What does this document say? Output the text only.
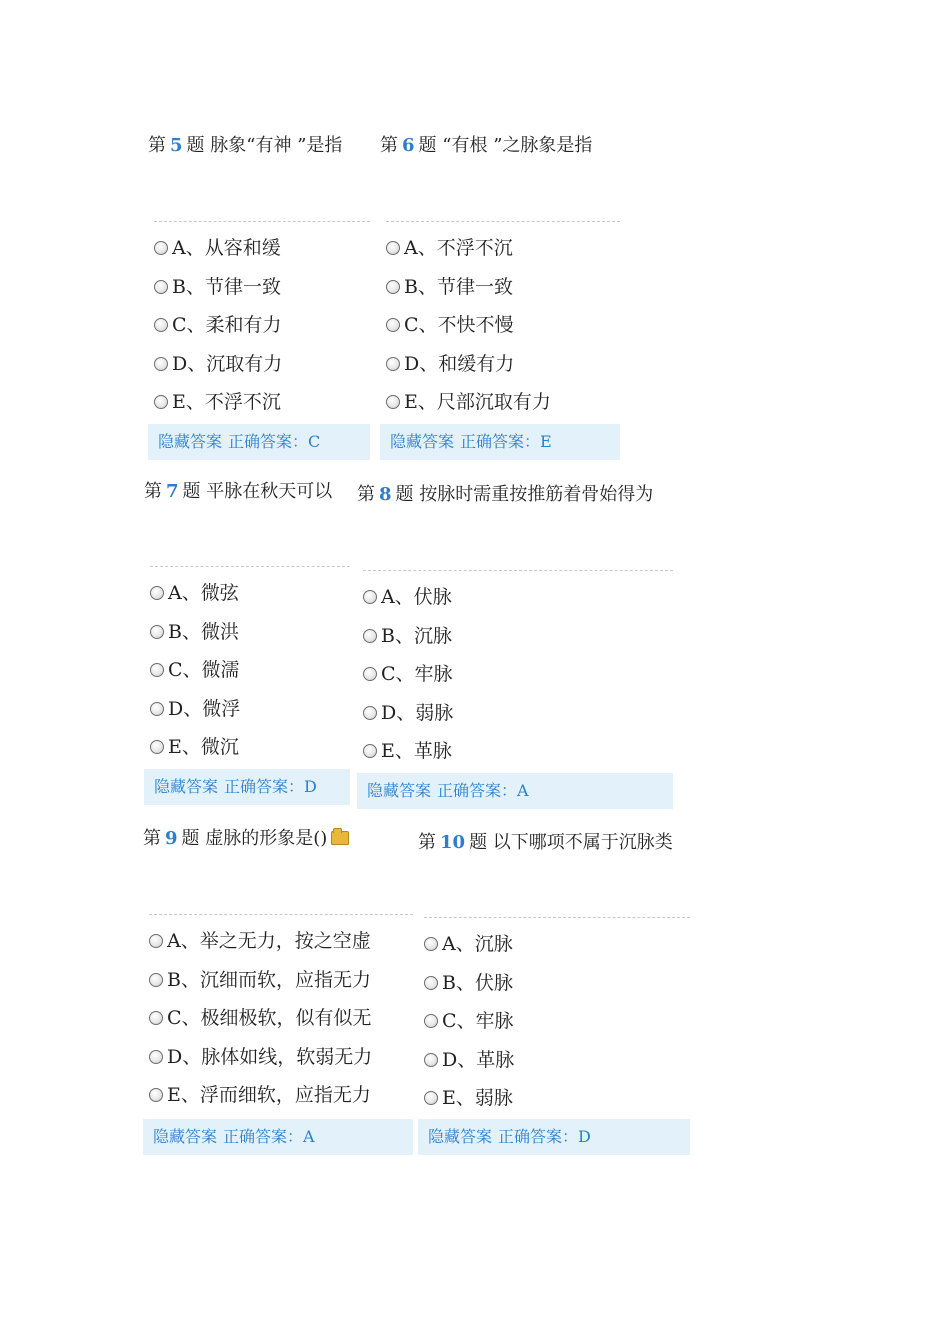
第 5 题 脉象“有神 ”是指
A、从容和缓
B、节律一致
C、柔和有力
D、沉取有力
E、不浮不沉
隐藏答案 正确答案：C
第 6 题 “有根 ”之脉象是指
A、不浮不沉
B、节律一致
C、不快不慢
D、和缓有力
E、尺部沉取有力
隐藏答案 正确答案：E
第 7 题 平脉在秋天可以
A、微弦
B、微洪
C、微濡
D、微浮
E、微沉
隐藏答案 正确答案：D
第 8 题 按脉时需重按推筋着骨始得为
A、伏脉
B、沉脉
C、牢脉
D、弱脉
E、革脉
隐藏答案 正确答案：A
第 9 题 虚脉的形象是()
A、举之无力，按之空虚
B、沉细而软，应指无力
C、极细极软，似有似无
D、脉体如线，软弱无力
E、浮而细软，应指无力
隐藏答案 正确答案：A
第 10 题 以下哪项不属于沉脉类
A、沉脉
B、伏脉
C、牢脉
D、革脉
E、弱脉
隐藏答案 正确答案：D
